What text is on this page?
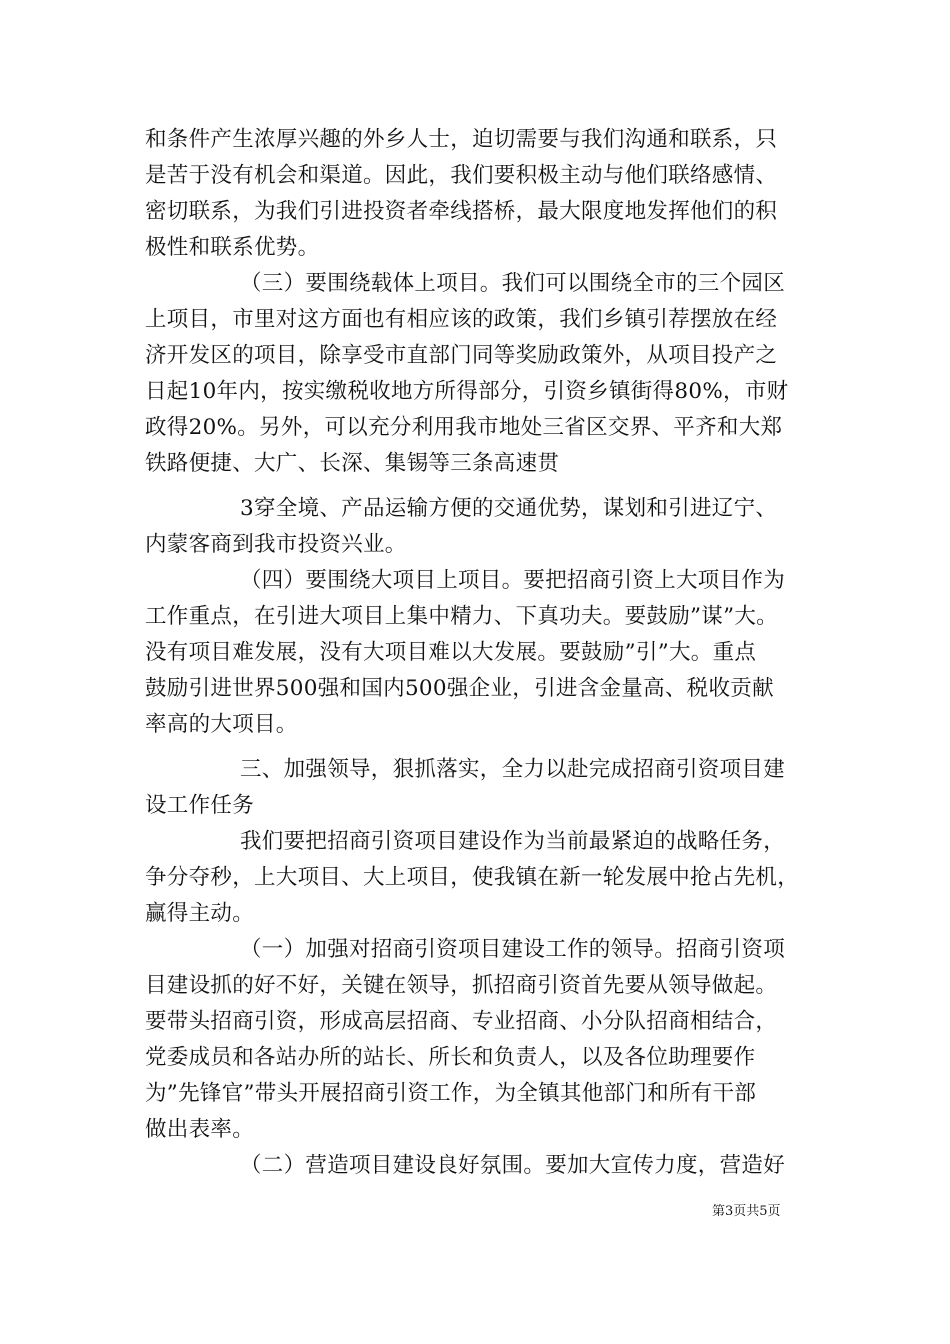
和条件产生浓厚兴趣的外乡人士，迫切需要与我们沟通和联系，只
是苦于没有机会和渠道。因此，我们要积极主动与他们联络感情、
密切联系，为我们引进投资者牵线搭桥，最大限度地发挥他们的积
极性和联系优势。
（三）要围绕载体上项目。我们可以围绕全市的三个园区
上项目，市里对这方面也有相应该的政策，我们乡镇引荐摆放在经
济开发区的项目，除享受市直部门同等奖励政策外，从项目投产之
日起10年内，按实缴税收地方所得部分，引资乡镇街得80%，市财
政得20%。另外，可以充分利用我市地处三省区交界、平齐和大郑
铁路便捷、大广、长深、集锡等三条高速贯
3穿全境、产品运输方便的交通优势，谋划和引进辽宁、
内蒙客商到我市投资兴业。
（四）要围绕大项目上项目。要把招商引资上大项目作为
工作重点，在引进大项目上集中精力、下真功夫。要鼓励”谋”大。
没有项目难发展，没有大项目难以大发展。要鼓励”引”大。重点
鼓励引进世界500强和国内500强企业，引进含金量高、税收贡献
率高的大项目。
三、加强领导，狠抓落实，全力以赴完成招商引资项目建
设工作任务
我们要把招商引资项目建设作为当前最紧迫的战略任务，
争分夺秒，上大项目、大上项目，使我镇在新一轮发展中抢占先机，
赢得主动。
（一）加强对招商引资项目建设工作的领导。招商引资项
目建设抓的好不好，关键在领导，抓招商引资首先要从领导做起。
要带头招商引资，形成高层招商、专业招商、小分队招商相结合，
党委成员和各站办所的站长、所长和负责人，以及各位助理要作
为”先锋官”带头开展招商引资工作，为全镇其他部门和所有干部
做出表率。
（二）营造项目建设良好氛围。要加大宣传力度，营造好
第3页共5页
